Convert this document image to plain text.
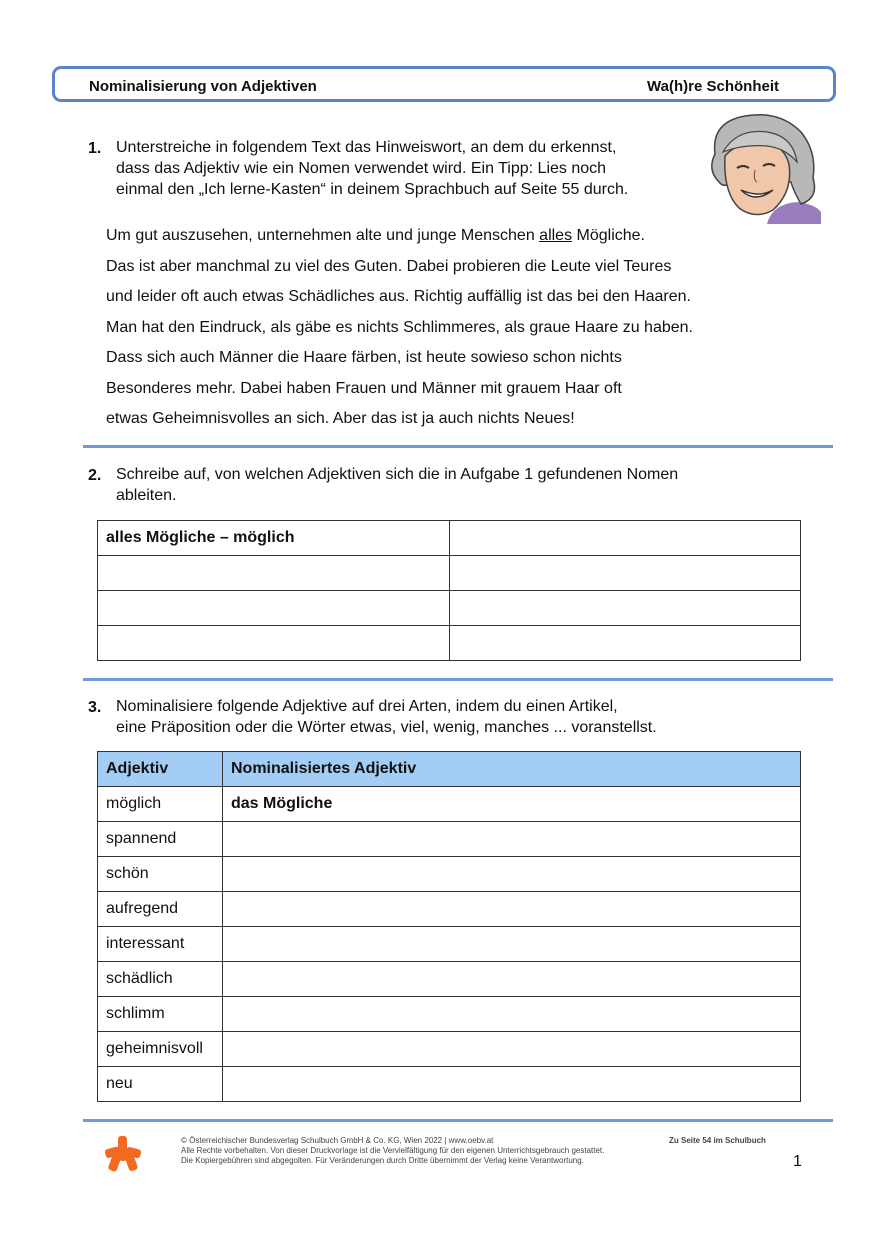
Nominalisierung von Adjektiven	Wa(h)re Schönheit
1. Unterstreiche in folgendem Text das Hinweiswort, an dem du erkennst,
dass das Adjektiv wie ein Nomen verwendet wird. Ein Tipp: Lies noch
einmal den „Ich lerne-Kasten“ in deinem Sprachbuch auf Seite 55 durch.
Um gut auszusehen, unternehmen alte und junge Menschen alles Mögliche.
Das ist aber manchmal zu viel des Guten. Dabei probieren die Leute viel Teures
und leider oft auch etwas Schädliches aus. Richtig auffällig ist das bei den Haaren.
Man hat den Eindruck, als gäbe es nichts Schlimmeres, als graue Haare zu haben.
Dass sich auch Männer die Haare färben, ist heute sowieso schon nichts
Besonderes mehr. Dabei haben Frauen und Männer mit grauem Haar oft
etwas Geheimnisvolles an sich. Aber das ist ja auch nichts Neues!
2. Schreibe auf, von welchen Adjektiven sich die in Aufgabe 1 gefundenen Nomen
ableiten.
alles Mögliche – möglich	

3. Nominalisiere folgende Adjektive auf drei Arten, indem du einen Artikel,
eine Präposition oder die Wörter etwas, viel, wenig, manches ... voranstellst.
Adjektiv	Nominalisiertes Adjektiv
möglich	das Mögliche
spannend	
schön	
aufregend	
interessant	
schädlich	
schlimm	
geheimnisvoll	
neu	
© Österreichischer Bundesverlag Schulbuch GmbH & Co. KG, Wien 2022 | www.oebv.at
Alle Rechte vorbehalten. Von dieser Druckvorlage ist die Vervielfältigung für den eigenen Unterrichtsgebrauch gestattet.
Die Kopiergebühren sind abgegolten. Für Veränderungen durch Dritte übernimmt der Verlag keine Verantwortung.
Zu Seite 54 im Schulbuch
1
